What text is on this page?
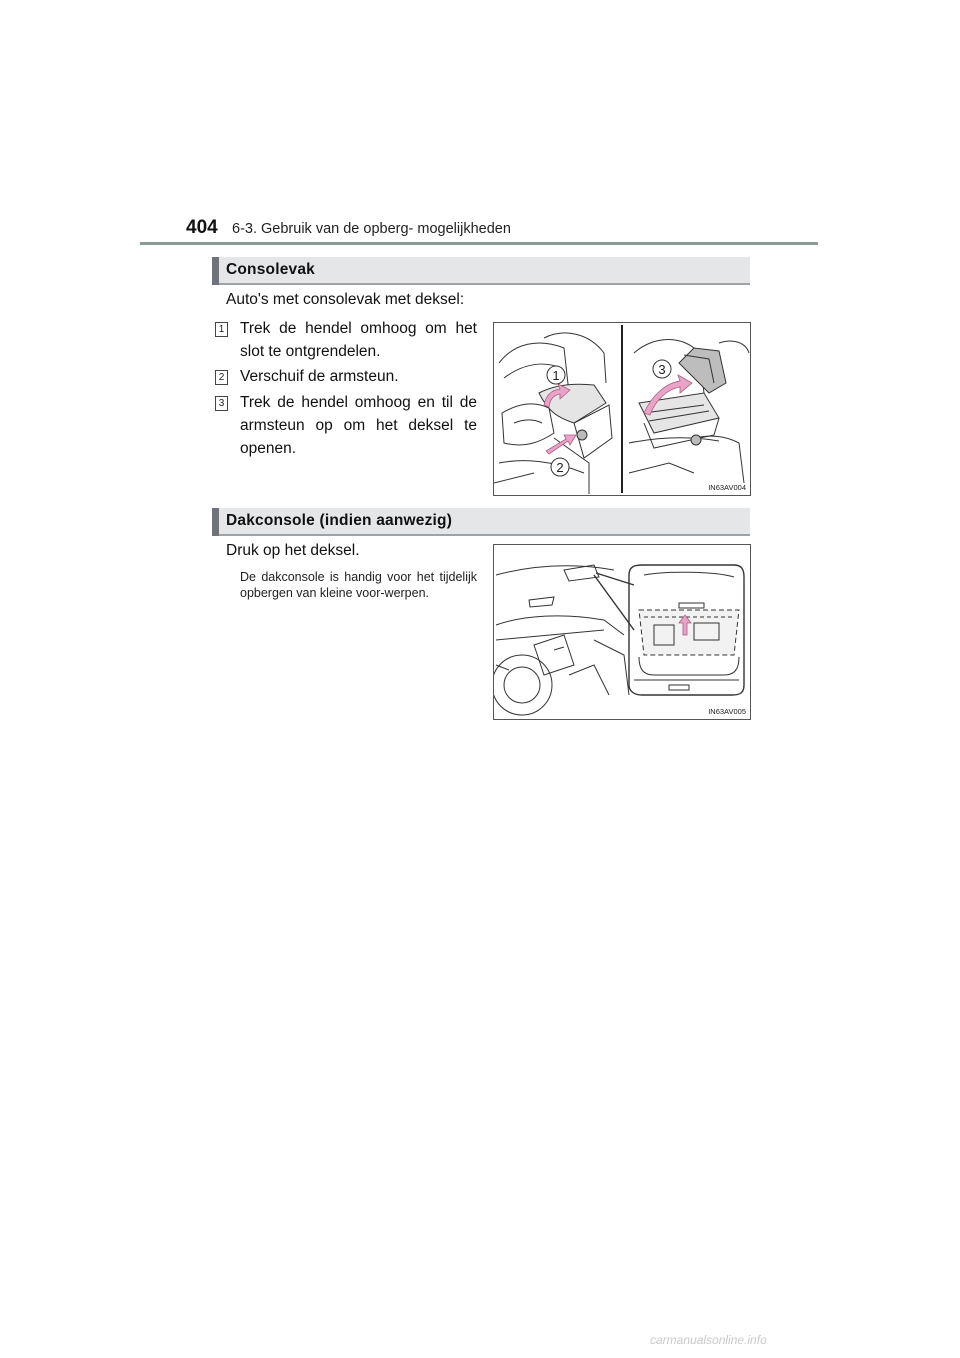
404 6-3. Gebruik van de opberg- mogelijkheden
Consolevak
Auto's met consolevak met deksel:
1 Trek de hendel omhoog om het slot te ontgrendelen.
2 Verschuif de armsteun.
3 Trek de hendel omhoog en til de armsteun op om het deksel te openen.
1
2
3
IN63AV004
Dakconsole (indien aanwezig)
Druk op het deksel.
De dakconsole is handig voor het tijdelijk opbergen van kleine voor-werpen.
IN63AV005
carmanualsonline.info
